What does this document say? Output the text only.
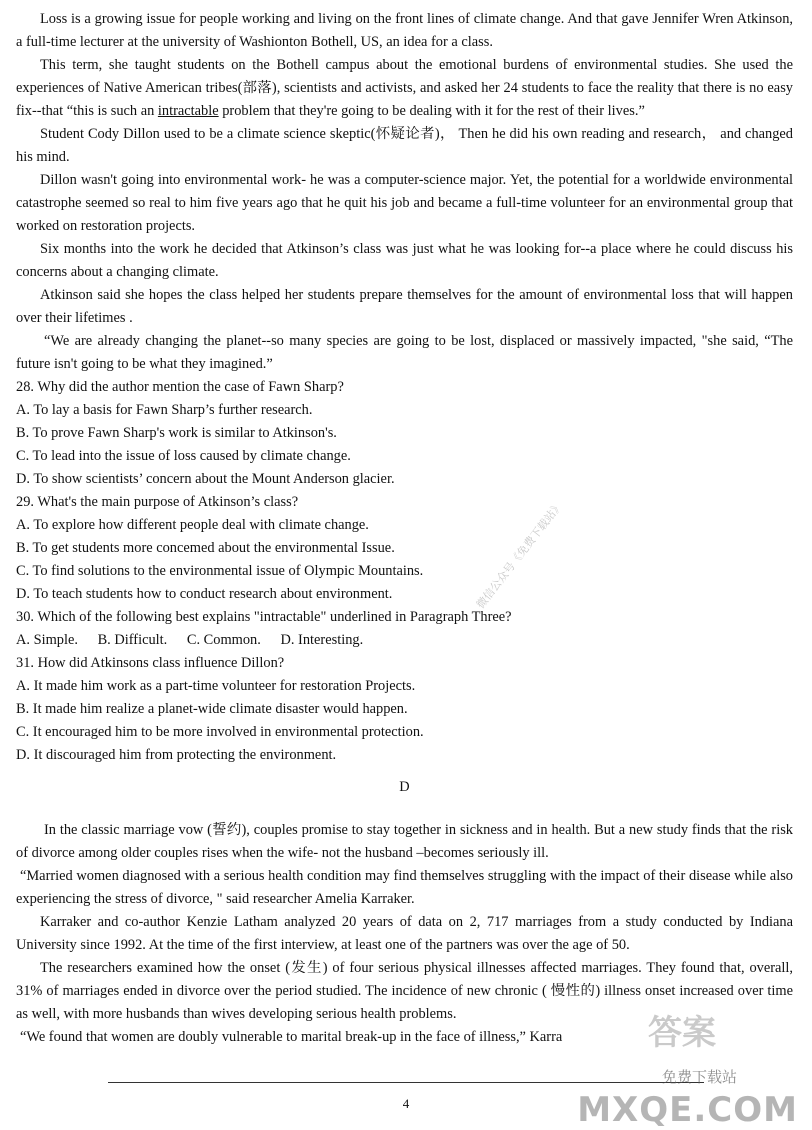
Loss is a growing issue for people working and living on the front lines of climate change. And that gave Jennifer Wren Atkinson, a full-time lecturer at the university of Washionton Bothell, US, an idea for a class.

This term, she taught students on the Bothell campus about the emotional burdens of environmental studies. She used the experiences of Native American tribes(部落), scientists and activists, and asked her 24 students to face the reality that there is no easy fix--that “this is such an intractable problem that they're going to be dealing with it for the rest of their lives.”

Student Cody Dillon used to be a climate science skeptic(怀疑论者)， Then he did his own reading and research， and changed his mind.

Dillon wasn't going into environmental work- he was a computer-science major. Yet, the potential for a worldwide environmental catastrophe seemed so real to him five years ago that he quit his job and became a full-time volunteer for an environmental group that worked on restoration projects.

Six months into the work he decided that Atkinson’s class was just what he was looking for--a place where he could discuss his concerns about a changing climate.

Atkinson said she hopes the class helped her students prepare themselves for the amount of environmental loss that will happen over their lifetimes .

“We are already changing the planet--so many species are going to be lost, displaced or massively impacted, "she said, “The future isn't going to be what they imagined.”

28. Why did the author mention the case of Fawn Sharp?
A. To lay a basis for Fawn Sharp’s further research.
B. To prove Fawn Sharp's work is similar to Atkinson's.
C. To lead into the issue of loss caused by climate change.
D. To show scientists’ concern about the Mount Anderson glacier.
29. What's the main purpose of Atkinson’s class?
A. To explore how different people deal with climate change.
B. To get students more concemed about the environmental Issue.
C. To find solutions to the environmental issue of Olympic Mountains.
D. To teach students how to conduct research about environment.
30. Which of the following best explains "intractable" underlined in Paragraph Three?
A. Simple. B. Difficult. C. Common. D. Interesting.
31. How did Atkinsons class influence Dillon?
A. It made him work as a part-time volunteer for restoration Projects.
B. It made him realize a planet-wide climate disaster would happen.
C. It encouraged him to be more involved in environmental protection.
D. It discouraged him from protecting the environment.
D

In the classic marriage vow (誓约), couples promise to stay together in sickness and in health. But a new study finds that the risk of divorce among older couples rises when the wife- not the husband –becomes seriously ill.

“Married women diagnosed with a serious health condition may find themselves struggling with the impact of their disease while also experiencing the stress of divorce, " said researcher Amelia Karraker.

Karraker and co-author Kenzie Latham analyzed 20 years of data on 2, 717 marriages from a study conducted by Indiana University since 1992. At the time of the first interview, at least one of the partners was over the age of 50.

The researchers examined how the onset (发生) of four serious physical illnesses affected marriages. They found that, overall, 31% of marriages ended in divorce over the period studied. The incidence of new chronic ( 慢性的) illness onset increased over time as well, with more husbands than wives developing serious health problems.

“We found that women are doubly vulnerable to marital break-up in the face of illness,” Karra

微信公众号《免费下载站》
4
答案
免费下载站
MXQE.COM
